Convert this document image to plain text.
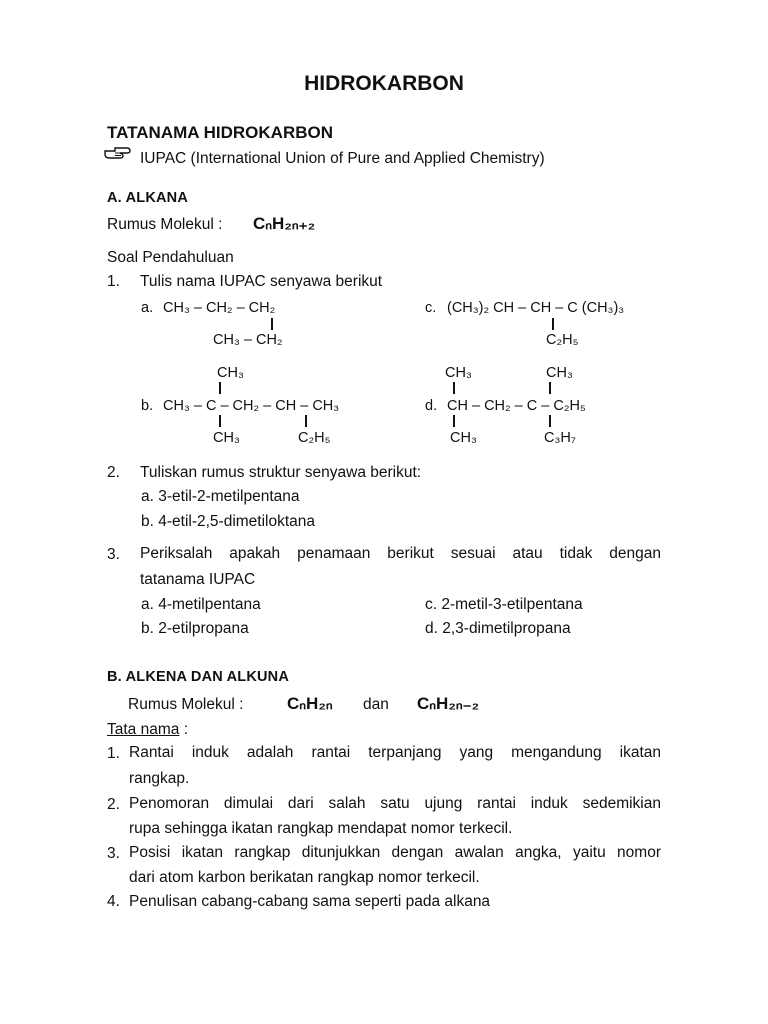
HIDROKARBON
TATANAMA HIDROKARBON
IUPAC (International Union of Pure and Applied Chemistry)
A. ALKANA
Rumus Molekul : CₙH₂ₙ₊₂
Soal Pendahuluan
1. Tulis nama IUPAC senyawa berikut
a. CH₃ – CH₂ – CH₂
CH₃ – CH₂
c. (CH₃)₂ CH – CH – C (CH₃)₃
C₂H₅
CH₃
b. CH₃ – C – CH₂ – CH – CH₃
CH₃	C₂H₅
CH₃	CH₃
d. CH – CH₂ – C – C₂H₅
CH₃	C₃H₇
2. Tuliskan rumus struktur senyawa berikut:
a. 3-etil-2-metilpentana
b. 4-etil-2,5-dimetiloktana
3. Periksalah apakah penamaan berikut sesuai atau tidak dengan
tatanama IUPAC
a. 4-metilpentana	c. 2-metil-3-etilpentana
b. 2-etilpropana	d. 2,3-dimetilpropana
B. ALKENA DAN ALKUNA
Rumus Molekul :	CₙH₂ₙ dan CₙH₂ₙ₋₂
Tata nama :
1. Rantai induk adalah rantai terpanjang yang mengandung ikatan
rangkap.
2. Penomoran dimulai dari salah satu ujung rantai induk sedemikian
rupa sehingga ikatan rangkap mendapat nomor terkecil.
3. Posisi ikatan rangkap ditunjukkan dengan awalan angka, yaitu nomor
dari atom karbon berikatan rangkap nomor terkecil.
4. Penulisan cabang-cabang sama seperti pada alkana
